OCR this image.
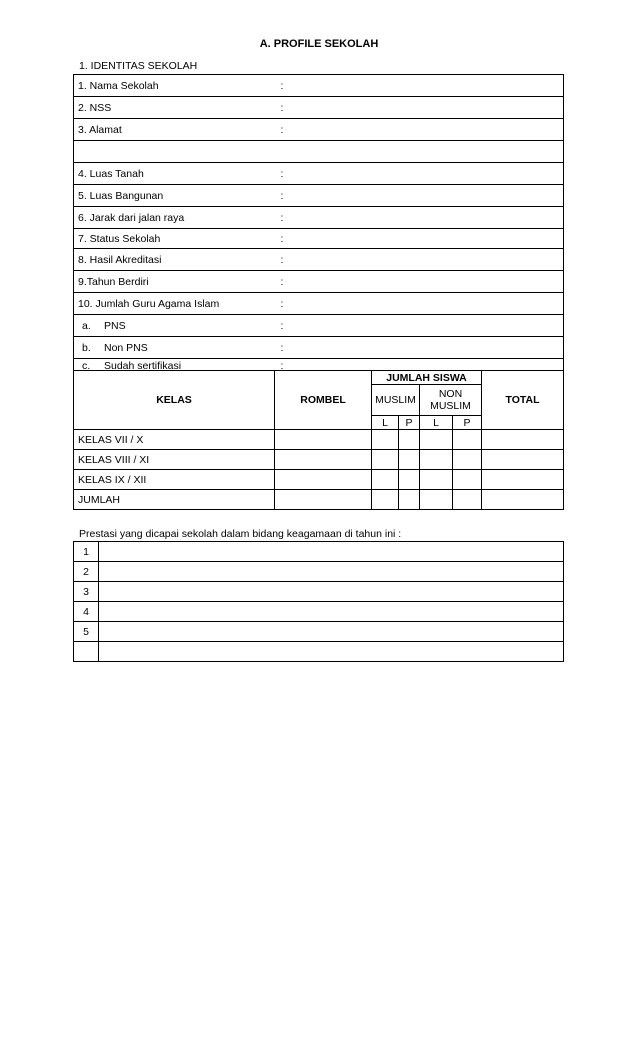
A. PROFILE SEKOLAH
1. IDENTITAS SEKOLAH
1. Nama Sekolah	:
2. NSS	:
3. Alamat	:

4. Luas Tanah	:
5. Luas Bangunan	:
6. Jarak dari jalan raya	:
7. Status Sekolah	:
8. Hasil Akreditasi	:
9.Tahun Berdiri	:
10. Jumlah Guru Agama Islam	:
a. PNS	:
b. Non PNS	:
c. Sudah sertifikasi	:
KELAS	ROMBEL	JUMLAH SISWA				TOTAL
		MUSLIM		NON
MUSLIM		
		L	P	L	P	
KELAS VII / X						
KELAS VIII / XI						
KELAS IX / XII						
JUMLAH						
Prestasi yang dicapai sekolah dalam bidang keagamaan di tahun ini :
1	
2	
3	
4	
5	
